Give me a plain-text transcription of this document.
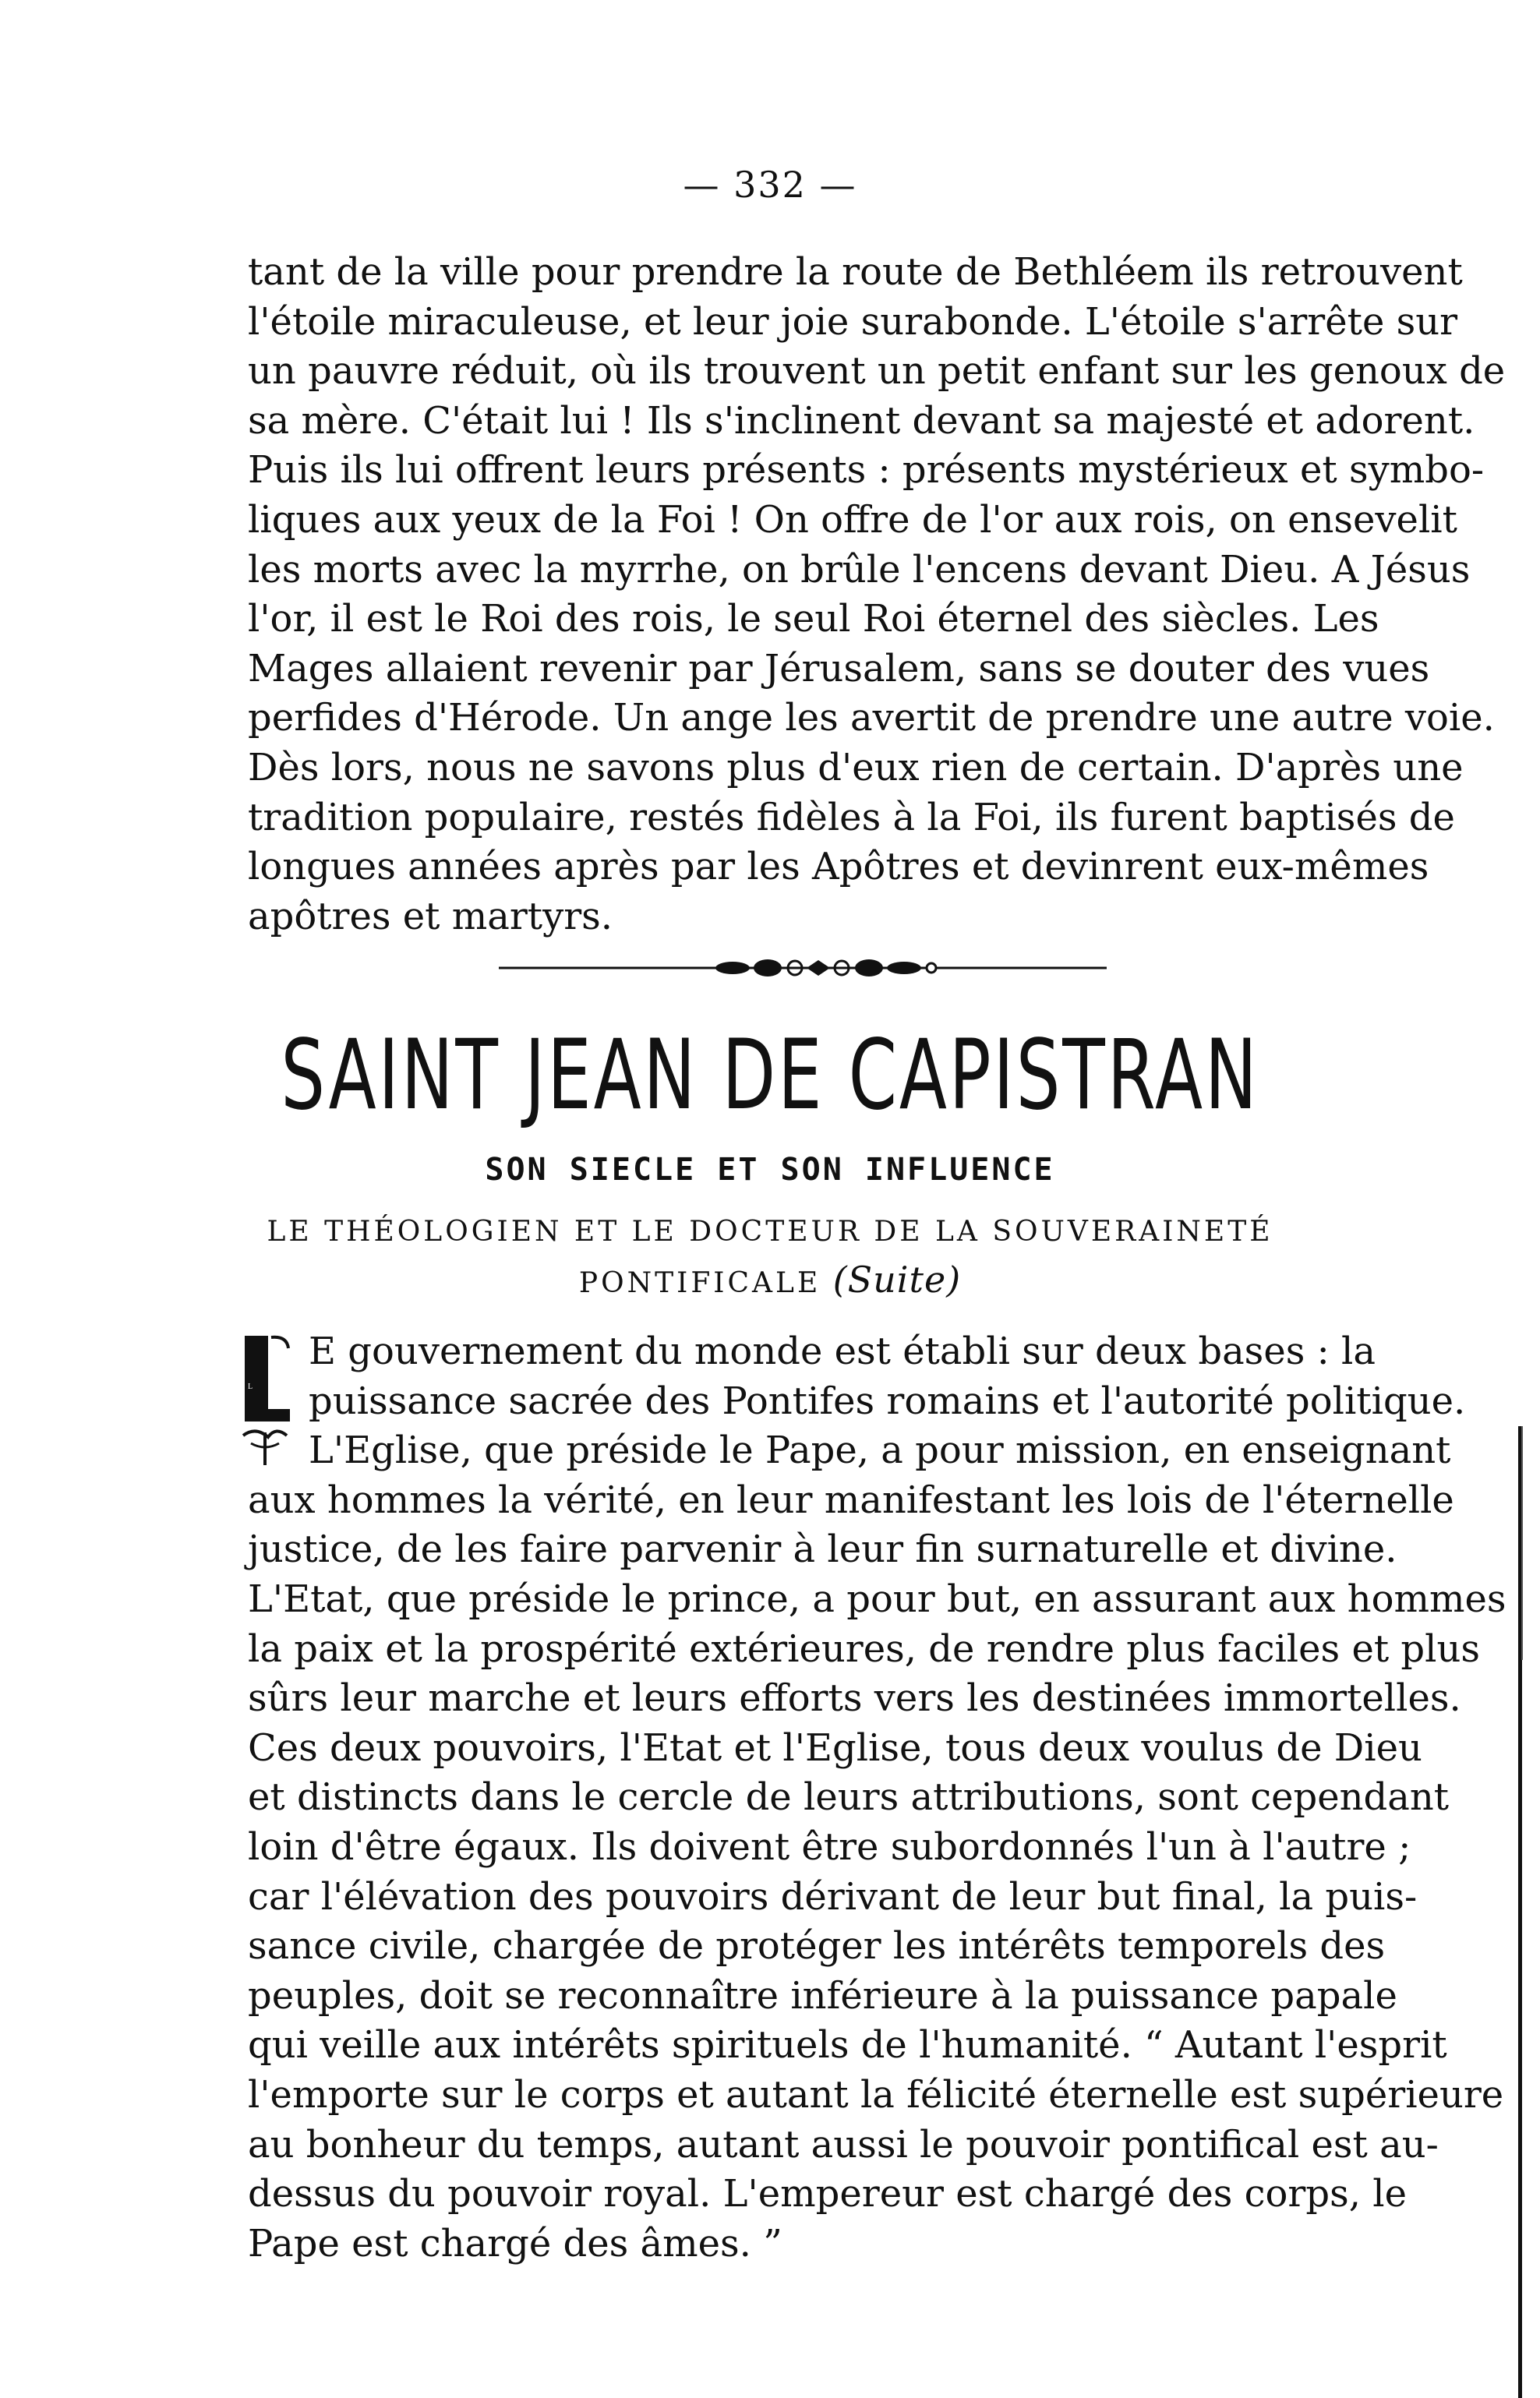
— 332 —
tant de la ville pour prendre la route de Bethléem ils retrouvent
l'étoile miraculeuse, et leur joie surabonde. L'étoile s'arrête sur
un pauvre réduit, où ils trouvent un petit enfant sur les genoux de
sa mère. C'était lui ! Ils s'inclinent devant sa majesté et adorent.
Puis ils lui offrent leurs présents : présents mystérieux et symbo-
liques aux yeux de la Foi ! On offre de l'or aux rois, on ensevelit
les morts avec la myrrhe, on brûle l'encens devant Dieu. A Jésus
l'or, il est le Roi des rois, le seul Roi éternel des siècles. Les
Mages allaient revenir par Jérusalem, sans se douter des vues
perfides d'Hérode. Un ange les avertit de prendre une autre voie.
Dès lors, nous ne savons plus d'eux rien de certain. D'après une
tradition populaire, restés fidèles à la Foi, ils furent baptisés de
longues années après par les Apôtres et devinrent eux-mêmes
apôtres et martyrs.
SAINT JEAN DE CAPISTRAN
SON SIECLE ET SON INFLUENCE
LE THÉOLOGIEN ET LE DOCTEUR DE LA SOUVERAINETÉ
PONTIFICALE (Suite)
L
E gouvernement du monde est établi sur deux bases : la
puissance sacrée des Pontifes romains et l'autorité politique.
L'Eglise, que préside le Pape, a pour mission, en enseignant
aux hommes la vérité, en leur manifestant les lois de l'éternelle
justice, de les faire parvenir à leur fin surnaturelle et divine.
L'Etat, que préside le prince, a pour but, en assurant aux hommes
la paix et la prospérité extérieures, de rendre plus faciles et plus
sûrs leur marche et leurs efforts vers les destinées immortelles.
Ces deux pouvoirs, l'Etat et l'Eglise, tous deux voulus de Dieu
et distincts dans le cercle de leurs attributions, sont cependant
loin d'être égaux. Ils doivent être subordonnés l'un à l'autre ;
car l'élévation des pouvoirs dérivant de leur but final, la puis-
sance civile, chargée de protéger les intérêts temporels des
peuples, doit se reconnaître inférieure à la puissance papale
qui veille aux intérêts spirituels de l'humanité. “ Autant l'esprit
l'emporte sur le corps et autant la félicité éternelle est supérieure
au bonheur du temps, autant aussi le pouvoir pontifical est au-
dessus du pouvoir royal. L'empereur est chargé des corps, le
Pape est chargé des âmes. ”
